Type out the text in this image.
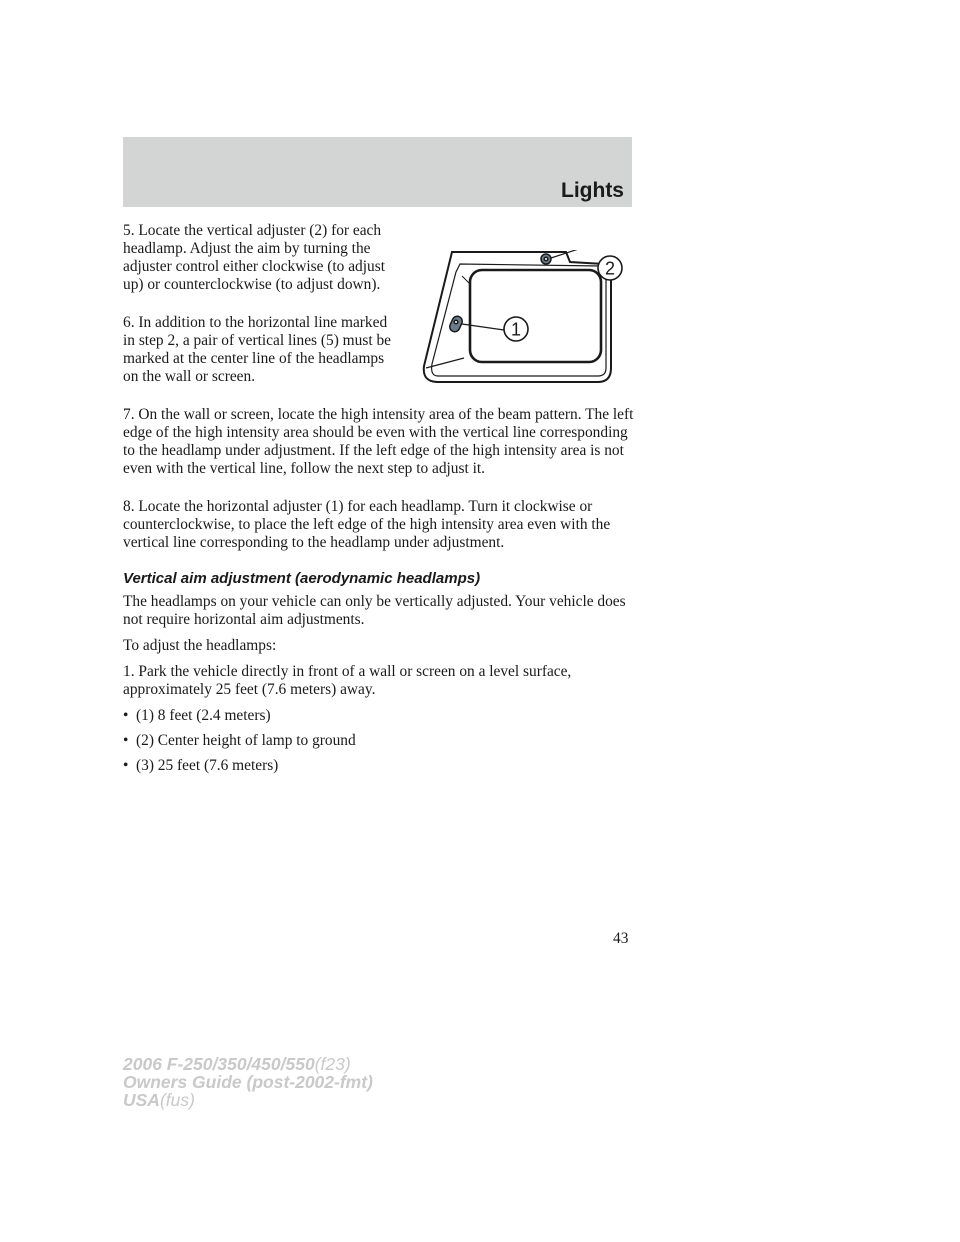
Lights

5. Locate the vertical adjuster (2) for each headlamp. Adjust the aim by turning the adjuster control either clockwise (to adjust up) or counterclockwise (to adjust down).

6. In addition to the horizontal line marked in step 2, a pair of vertical lines (5) must be marked at the center line of the headlamps on the wall or screen.

1
2

7. On the wall or screen, locate the high intensity area of the beam pattern. The left edge of the high intensity area should be even with the vertical line corresponding to the headlamp under adjustment. If the left edge of the high intensity area is not even with the vertical line, follow the next step to adjust it.

8. Locate the horizontal adjuster (1) for each headlamp. Turn it clockwise or counterclockwise, to place the left edge of the high intensity area even with the vertical line corresponding to the headlamp under adjustment.

Vertical aim adjustment (aerodynamic headlamps)

The headlamps on your vehicle can only be vertically adjusted. Your vehicle does not require horizontal aim adjustments.

To adjust the headlamps:

1. Park the vehicle directly in front of a wall or screen on a level surface, approximately 25 feet (7.6 meters) away.

• (1) 8 feet (2.4 meters)
• (2) Center height of lamp to ground
• (3) 25 feet (7.6 meters)
43
2006 F-250/350/450/550(f23)
Owners Guide (post-2002-fmt)
USA(fus)
